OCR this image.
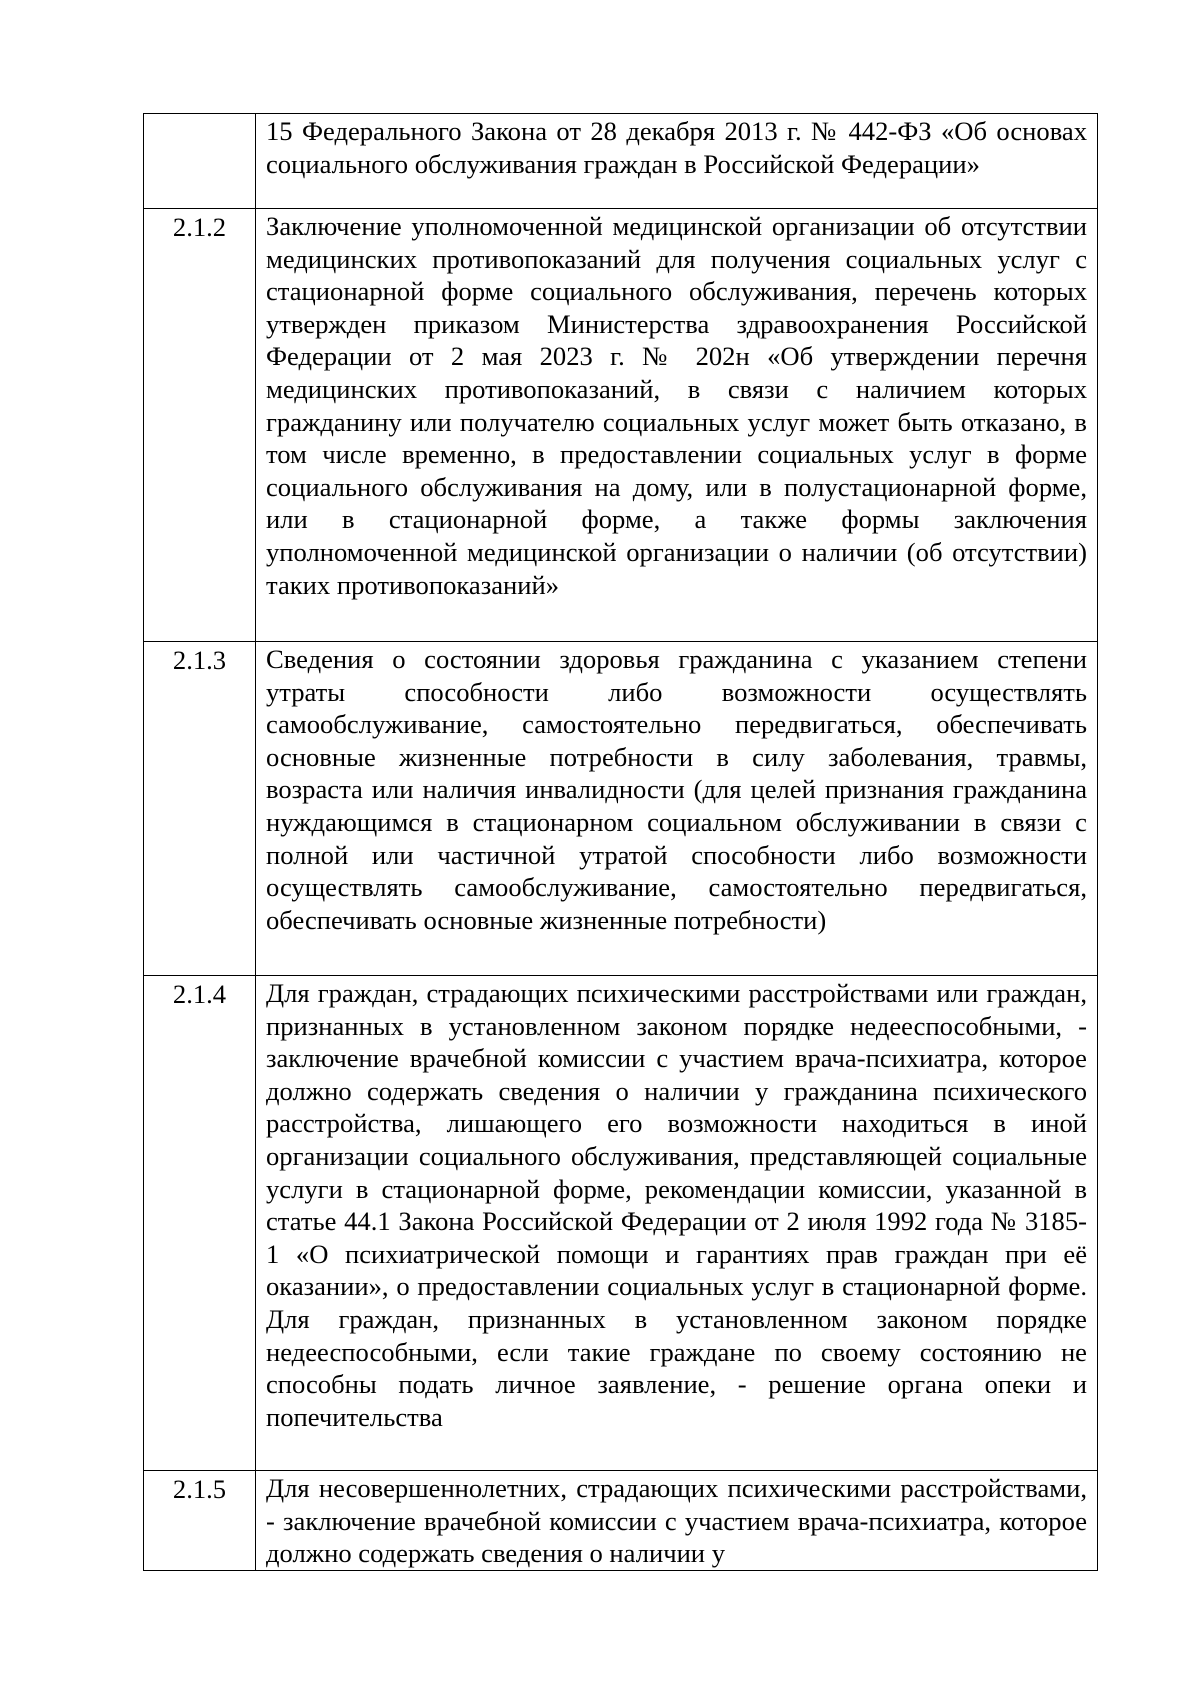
	15 Федерального Закона от 28 декабря 2013 г. № 442-ФЗ «Об основах социального обслуживания граждан в Российской Федерации»

2.1.2	Заключение уполномоченной медицинской организации об отсутствии медицинских противопоказаний для получения социальных услуг с стационарной форме социального обслуживания, перечень которых утвержден приказом Министерства здравоохранения Российской Федерации от 2 мая 2023 г. № 202н «Об утверждении перечня медицинских противопоказаний, в связи с наличием которых гражданину или получателю социальных услуг может быть отказано, в том числе временно, в предоставлении социальных услуг в форме социального обслуживания на дому, или в полустационарной форме, или в стационарной форме, а также формы заключения уполномоченной медицинской организации о наличии (об отсутствии) таких противопоказаний»

2.1.3	Сведения о состоянии здоровья гражданина с указанием степени утраты способности либо возможности осуществлять самообслуживание, самостоятельно передвигаться, обеспечивать основные жизненные потребности в силу заболевания, травмы, возраста или наличия инвалидности (для целей признания гражданина нуждающимся в стационарном социальном обслуживании в связи с полной или частичной утратой способности либо возможности осуществлять самообслуживание, самостоятельно передвигаться, обеспечивать основные жизненные потребности)

2.1.4	Для граждан, страдающих психическими расстройствами или граждан, признанных в установленном законом порядке недееспособными, - заключение врачебной комиссии с участием врача-психиатра, которое должно содержать сведения о наличии у гражданина психического расстройства, лишающего его возможности находиться в иной организации социального обслуживания, представляющей социальные услуги в стационарной форме, рекомендации комиссии, указанной в статье 44.1 Закона Российской Федерации от 2 июля 1992 года № 3185-1 «О психиатрической помощи и гарантиях прав граждан при её оказании», о предоставлении социальных услуг в стационарной форме. Для граждан, признанных в установленном законом порядке недееспособными, если такие граждане по своему состоянию не способны подать личное заявление, - решение органа опеки и попечительства

2.1.5	Для несовершеннолетних, страдающих психическими расстройствами, - заключение врачебной комиссии с участием врача-психиатра, которое должно содержать сведения о наличии у
